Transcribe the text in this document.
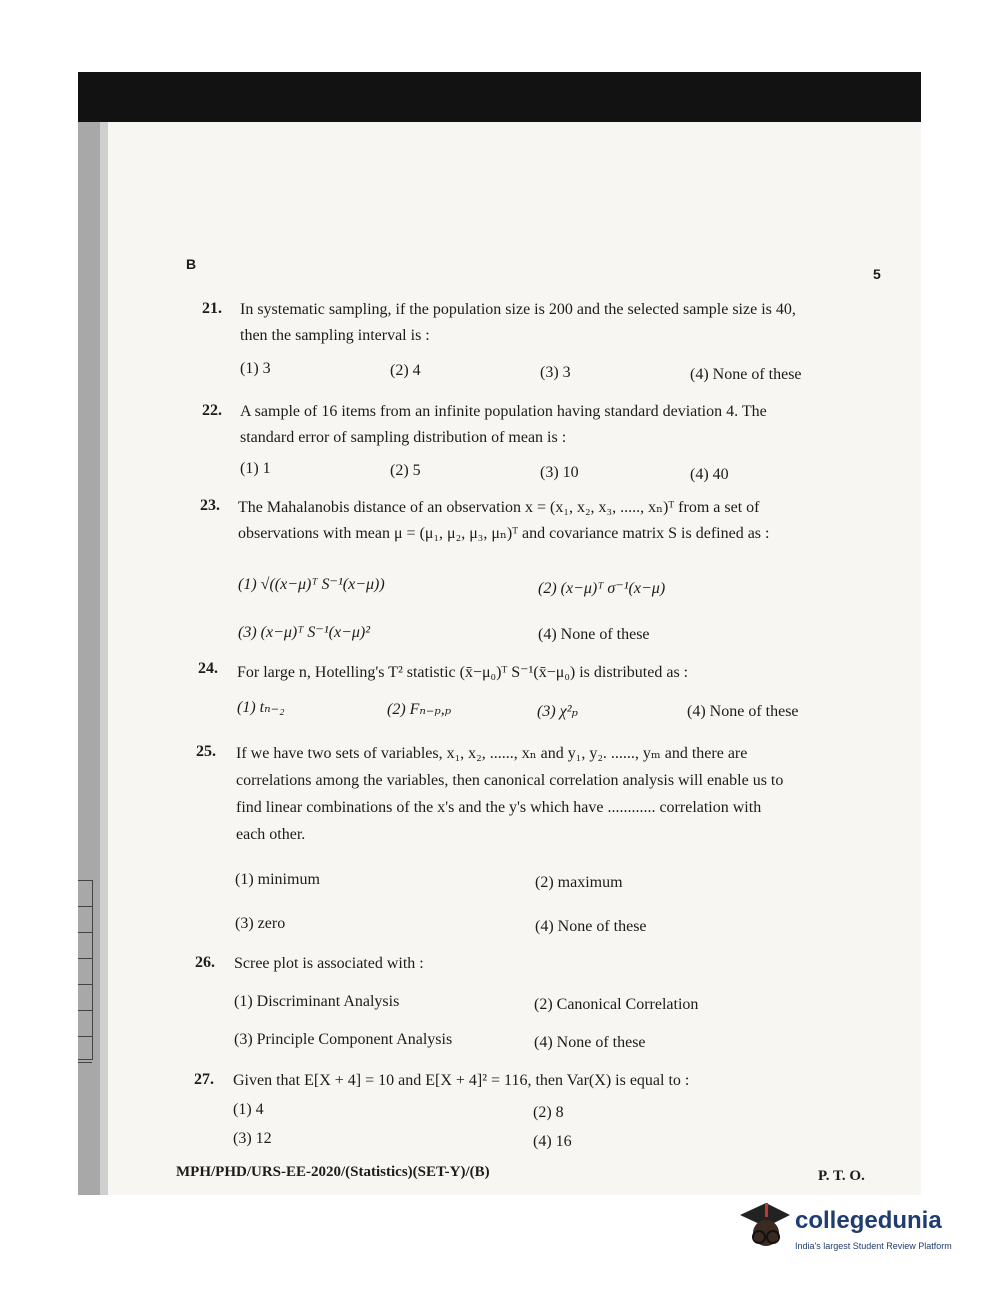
B
5
21. In systematic sampling, if the population size is 200 and the selected sample size is 40,
then the sampling interval is :
(1) 3	(2) 4	(3) 3	(4) None of these
22. A sample of 16 items from an infinite population having standard deviation 4. The
standard error of sampling distribution of mean is :
(1) 1	(2) 5	(3) 10	(4) 40
23. The Mahalanobis distance of an observation x = (x₁, x₂, x₃, ....., xₙ)ᵀ from a set of
observations with mean μ = (μ₁, μ₂, μ₃, μₙ)ᵀ and covariance matrix S is defined as :
(1) √((x−μ)ᵀ S⁻¹(x−μ))	(2) (x−μ)ᵀ σ⁻¹(x−μ)
(3) (x−μ)ᵀ S⁻¹(x−μ)²	(4) None of these
24. For large n, Hotelling's T² statistic (x̄−μ₀)ᵀ S⁻¹(x̄−μ₀) is distributed as :
(1) tₙ₋₂	(2) Fₙ₋ₚ,ₚ	(3) χ²ₚ	(4) None of these
25. If we have two sets of variables, x₁, x₂, ......, xₙ and y₁, y₂. ......, yₘ and there are
correlations among the variables, then canonical correlation analysis will enable us to
find linear combinations of the x's and the y's which have ............ correlation with
each other.
(1) minimum	(2) maximum
(3) zero	(4) None of these
26. Scree plot is associated with :
(1) Discriminant Analysis	(2) Canonical Correlation
(3) Principle Component Analysis	(4) None of these
27. Given that E[X + 4] = 10 and E[X + 4]² = 116, then Var(X) is equal to :
(1) 4	(2) 8
(3) 12	(4) 16
MPH/PHD/URS-EE-2020/(Statistics)(SET-Y)/(B)	P. T. O.
collegedunia
India's largest Student Review Platform
